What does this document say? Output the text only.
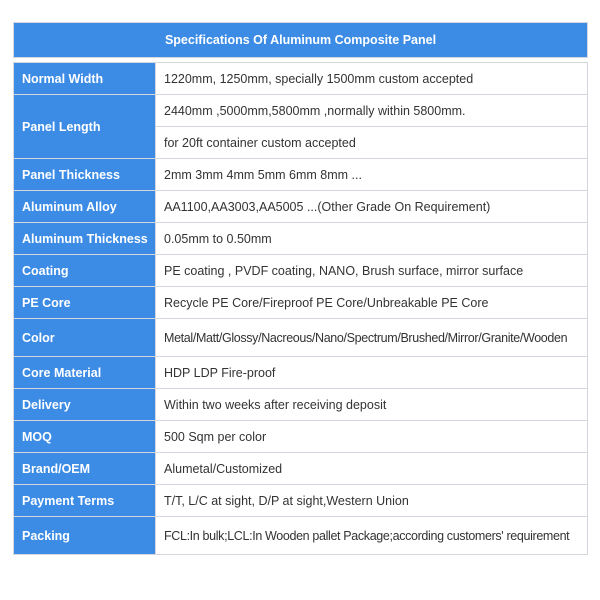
Specifications Of Aluminum Composite Panel	

Normal Width	1220mm, 1250mm, specially 1500mm custom accepted
Panel Length	2440mm ,5000mm,5800mm ,normally within 5800mm.
	for 20ft container custom accepted
Panel Thickness	2mm 3mm 4mm 5mm 6mm 8mm ...
Aluminum Alloy	AA1100,AA3003,AA5005 ...(Other Grade On Requirement)
Aluminum Thickness	0.05mm to 0.50mm
Coating	PE coating , PVDF coating, NANO, Brush surface, mirror surface
PE Core	Recycle PE Core/Fireproof PE Core/Unbreakable PE Core
Color	Metal/Matt/Glossy/Nacreous/Nano/Spectrum/Brushed/Mirror/Granite/Wooden
Core Material	HDP LDP Fire-proof
Delivery	Within two weeks after receiving deposit
MOQ	500 Sqm per color
Brand/OEM	Alumetal/Customized
Payment Terms	T/T, L/C at sight, D/P at sight,Western Union
Packing	FCL:In bulk;LCL:In Wooden pallet Package;according customers' requirement
